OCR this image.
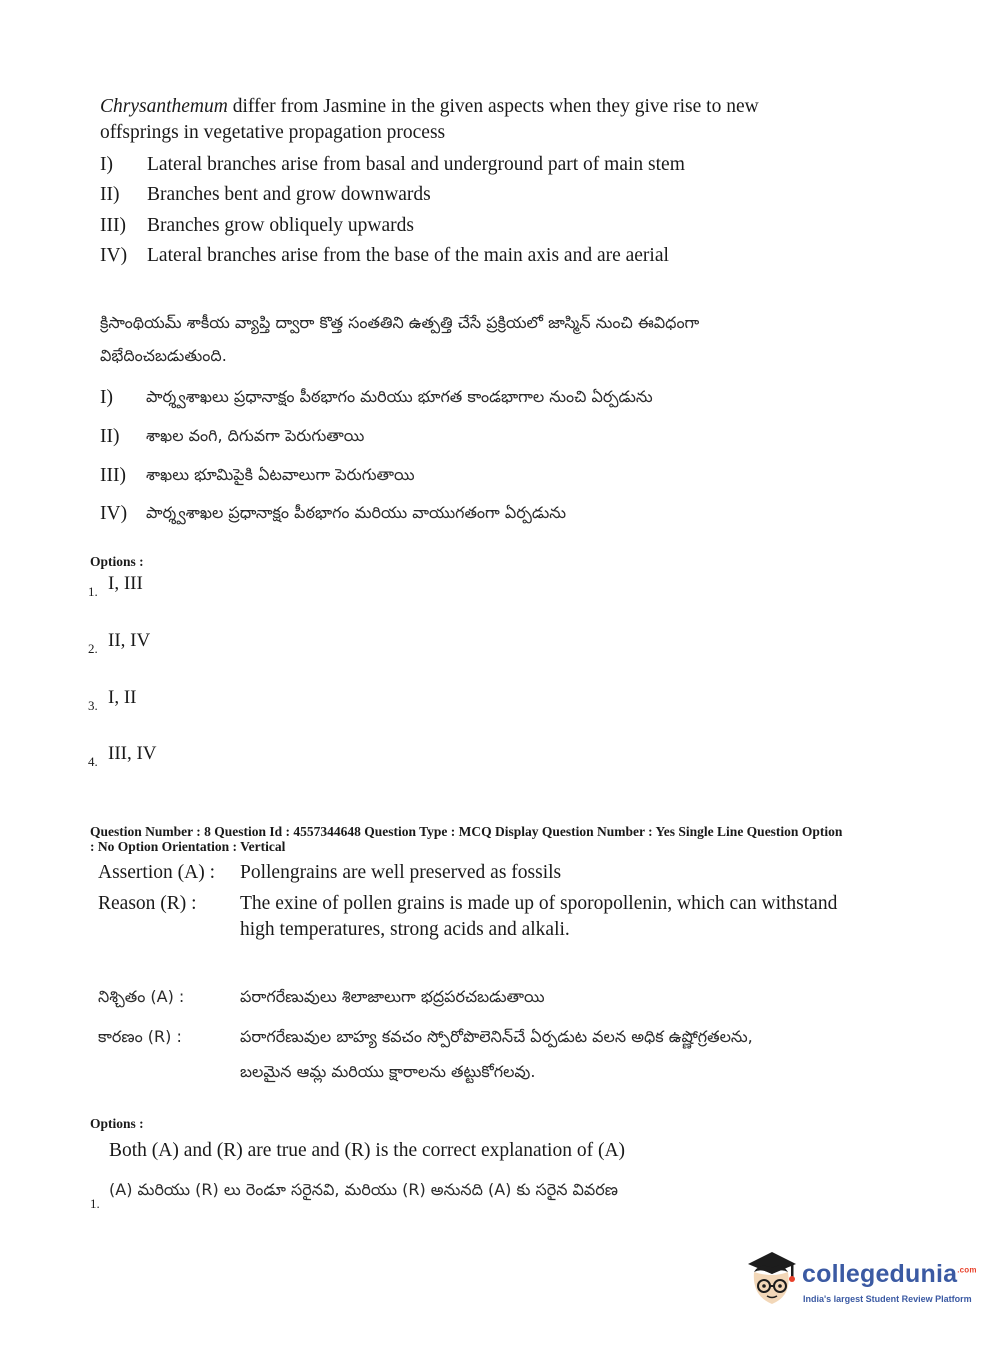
Chrysanthemum differ from Jasmine in the given aspects when they give rise to new
offsprings in vegetative propagation process
I)	Lateral branches arise from basal and underground part of main stem
II)	Branches bent and grow downwards
III)	Branches grow obliquely upwards
IV)	Lateral branches arise from the base of the main axis and are aerial
క్రిసాంథియమ్ శాకీయ వ్యాప్తి ద్వారా కొత్త సంతతిని ఉత్పత్తి చేసే ప్రక్రియలో జాస్మిన్ నుంచి ఈవిధంగా
విభేదించబడుతుంది.
I)	పార్శ్వశాఖలు ప్రధానాక్షం పీఠభాగం మరియు భూగత కాండభాగాల నుంచి ఏర్పడును
II)	శాఖల వంగి, దిగువగా పెరుగుతాయి
III)	శాఖలు భూమిపైకి ఏటవాలుగా పెరుగుతాయి
IV)	పార్శ్వశాఖల ప్రధానాక్షం పీఠభాగం మరియు వాయుగతంగా ఏర్పడును
Options :
1. I, III
2. II, IV
3. I, II
4. III, IV
Question Number : 8 Question Id : 4557344648 Question Type : MCQ Display Question Number : Yes Single Line Question Option
: No Option Orientation : Vertical
Assertion (A) : Pollengrains are well preserved as fossils
Reason (R) : The exine of pollen grains is made up of sporopollenin, which can withstand
high temperatures, strong acids and alkali.
నిశ్చితం (A) :	పరాగరేణువులు శిలాజాలుగా భద్రపరచబడుతాయి
కారణం (R) :	పరాగరేణువుల బాహ్య కవచం స్పోరోపొలెనిన్‌చే ఏర్పడుట వలన అధిక ఉష్ణోగ్రతలను,
బలమైన ఆమ్ల మరియు క్షారాలను తట్టుకోగలవు.
Options :
Both (A) and (R) are true and (R) is the correct explanation of (A)
(A) మరియు (R) లు రెండూ సరైనవి, మరియు (R) అనునది (A) కు సరైన వివరణ
1.
collegedunia$^{.com}$
India's largest Student Review Platform
